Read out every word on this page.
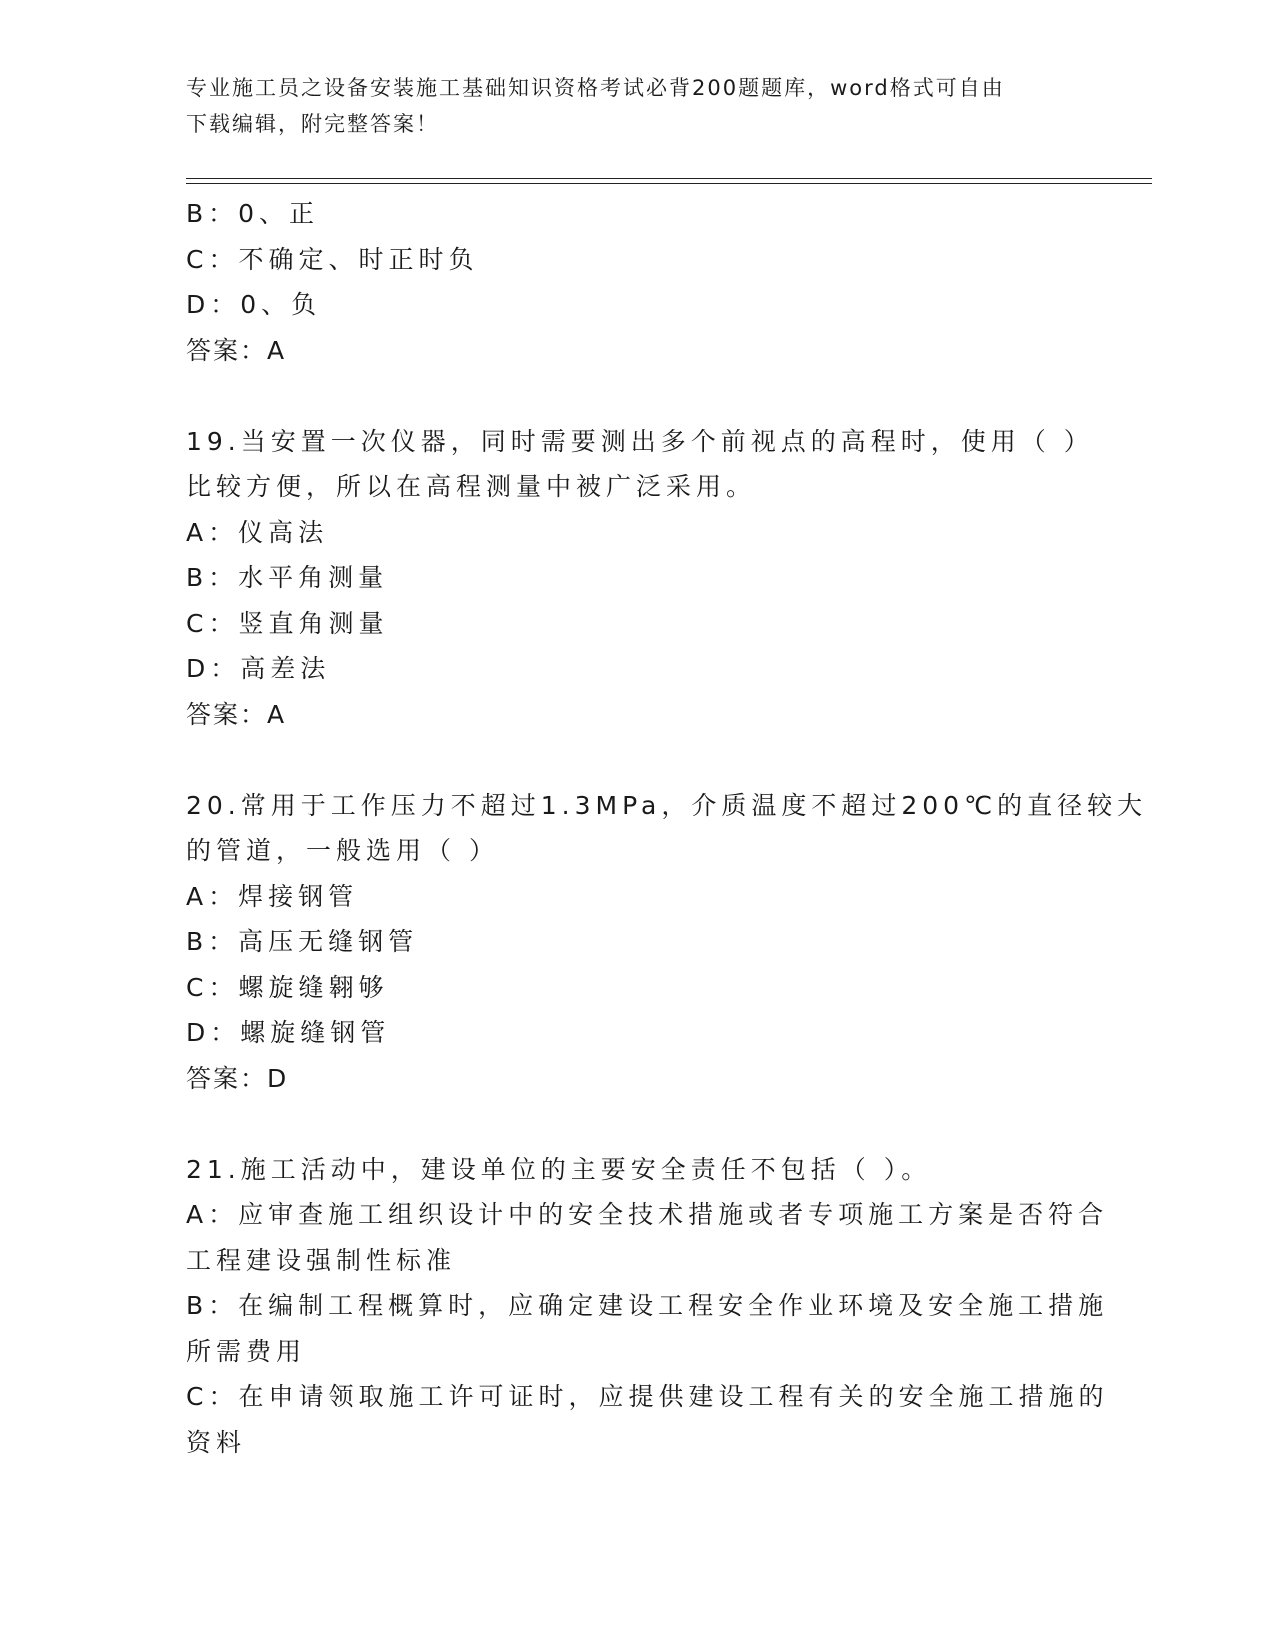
专业施工员之设备安装施工基础知识资格考试必背200题题库，word格式可自由
下载编辑，附完整答案！
B：0、正
C：不确定、时正时负
D：0、负
答案：A
19.当安置一次仪器，同时需要测出多个前视点的高程时，使用（ ）
比较方便，所以在高程测量中被广泛采用。
A：仪高法
B：水平角测量
C：竖直角测量
D：高差法
答案：A
20.常用于工作压力不超过1.3MPa，介质温度不超过200℃的直径较大
的管道，一般选用（ ）
A：焊接钢管
B：高压无缝钢管
C：螺旋缝翱够
D：螺旋缝钢管
答案：D
21.施工活动中，建设单位的主要安全责任不包括（ ）。
A：应审查施工组织设计中的安全技术措施或者专项施工方案是否符合
工程建设强制性标准
B：在编制工程概算时，应确定建设工程安全作业环境及安全施工措施
所需费用
C：在申请领取施工许可证时，应提供建设工程有关的安全施工措施的
资料
